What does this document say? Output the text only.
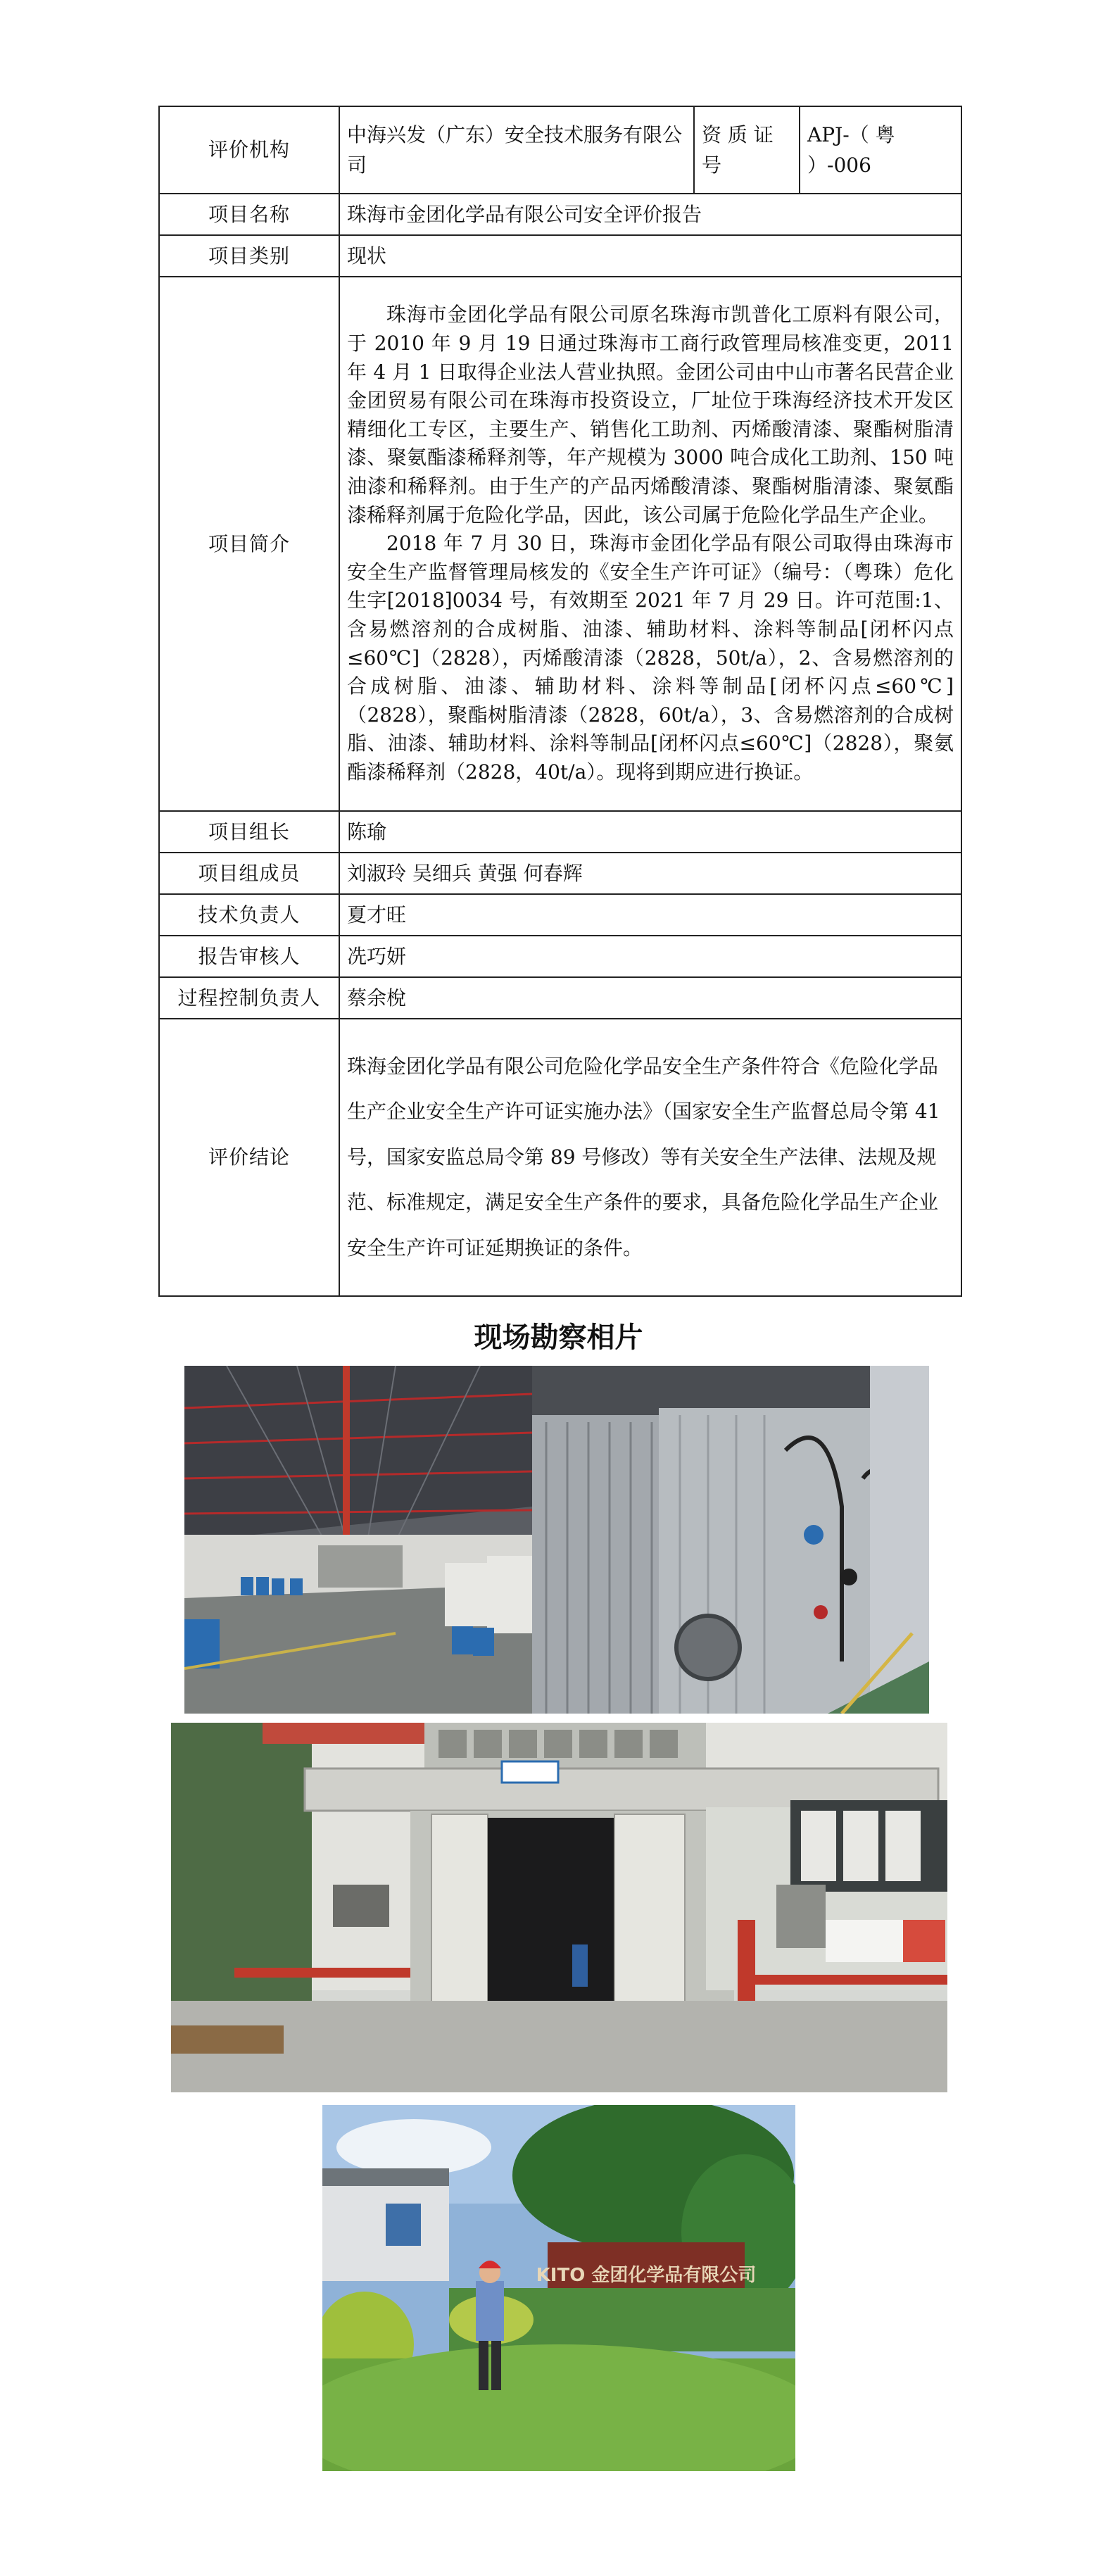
评价机构	中海兴发（广东）安全技术服务有限公司	资 质 证 号	APJ-（ 粤 ）-006
项目名称	珠海市金团化学品有限公司安全评价报告		
项目类别	现状		
项目简介	珠海市金团化学品有限公司原名珠海市凯普化工原料有限公司，于 2010 年 9 月 19 日通过珠海市工商行政管理局核准变更，2011 年 4 月 1 日取得企业法人营业执照。金团公司由中山市著名民营企业金团贸易有限公司在珠海市投资设立，厂址位于珠海经济技术开发区精细化工专区，主要生产、销售化工助剂、丙烯酸清漆、聚酯树脂清漆、聚氨酯漆稀释剂等，年产规模为 3000 吨合成化工助剂、150 吨油漆和稀释剂。由于生产的产品丙烯酸清漆、聚酯树脂清漆、聚氨酯漆稀释剂属于危险化学品，因此，该公司属于危险化学品生产企业。

2018 年 7 月 30 日，珠海市金团化学品有限公司取得由珠海市安全生产监督管理局核发的《安全生产许可证》（编号：（粤珠）危化生字[2018]0034 号，有效期至 2021 年 7 月 29 日。许可范围:1、含易燃溶剂的合成树脂、油漆、辅助材料、涂料等制品[闭杯闪点≤60℃]（2828），丙烯酸清漆（2828，50t/a），2、含易燃溶剂的合成树脂、油漆、辅助材料、涂料等制品[闭杯闪点≤60℃]（2828），聚酯树脂清漆（2828，60t/a），3、含易燃溶剂的合成树脂、油漆、辅助材料、涂料等制品[闭杯闪点≤60℃]（2828），聚氨酯漆稀释剂（2828，40t/a）。现将到期应进行换证。		

项目组长	陈瑜		
项目组成员	刘淑玲 吴细兵 黄强 何春辉		
技术负责人	夏才旺		
报告审核人	冼巧妍		
过程控制负责人	蔡余梲		
评价结论	珠海金团化学品有限公司危险化学品安全生产条件符合《危险化学品生产企业安全生产许可证实施办法》（国家安全生产监督总局令第 41 号，国家安监总局令第 89 号修改）等有关安全生产法律、法规及规范、标准规定，满足安全生产条件的要求，具备危险化学品生产企业安全生产许可证延期换证的条件。		
现场勘察相片
KITO 金团化学品有限公司
